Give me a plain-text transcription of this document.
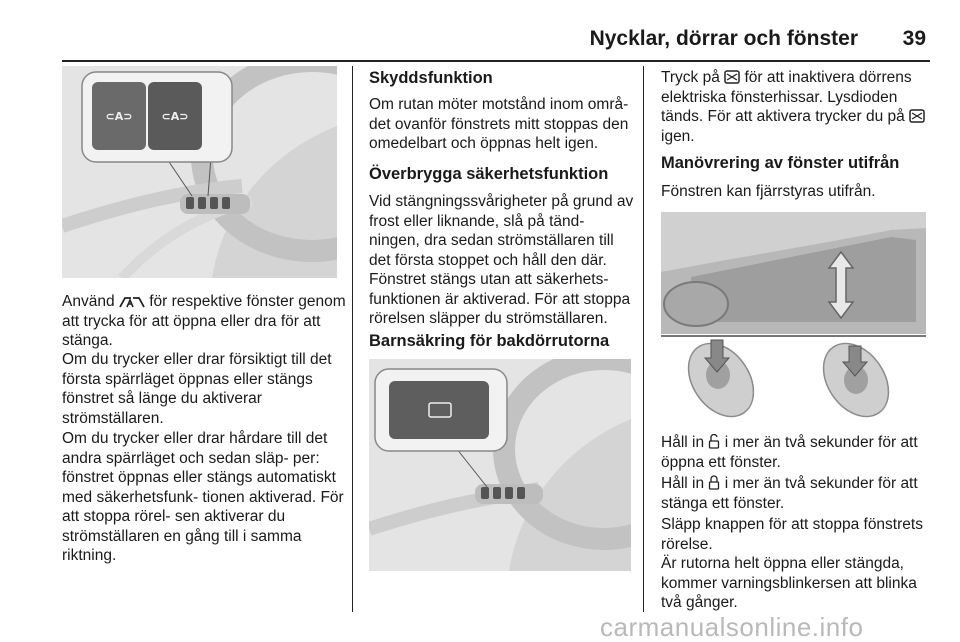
Nycklar, dörrar och fönster 39
⊂A⊃	⊂A⊃
Använd  för respektive fönster genom att trycka för att öppna eller dra för att stänga.
Om du trycker eller drar försiktigt till det första spärrläget öppnas eller stängs fönstret så länge du aktiverar strömställaren.
Om du trycker eller drar hårdare till det andra spärrläget och sedan släp- per: fönstret öppnas eller stängs automatiskt med säkerhetsfunk- tionen aktiverad. För att stoppa rörel- sen aktiverar du strömställaren en gång till i samma riktning.
Skyddsfunktion
Om rutan möter motstånd inom områ- det ovanför fönstrets mitt stoppas den omedelbart och öppnas helt igen.
Överbrygga säkerhetsfunktion
Vid stängningssvårigheter på grund av frost eller liknande, slå på tänd- ningen, dra sedan strömställaren till det första stoppet och håll den där. Fönstret stängs utan att säkerhets- funktionen är aktiverad. För att stoppa rörelsen släpper du strömställaren.
Barnsäkring för bakdörrutorna
Tryck på  för att inaktivera dörrens elektriska fönsterhissar. Lysdioden tänds. För att aktivera trycker du på  igen.
Manövrering av fönster utifrån
Fönstren kan fjärrstyras utifrån.
Håll in  i mer än två sekunder för att öppna ett fönster.
Håll in  i mer än två sekunder för att stänga ett fönster.
Släpp knappen för att stoppa fönstrets rörelse.
Är rutorna helt öppna eller stängda, kommer varningsblinkersen att blinka två gånger.
carmanualsonline.info
